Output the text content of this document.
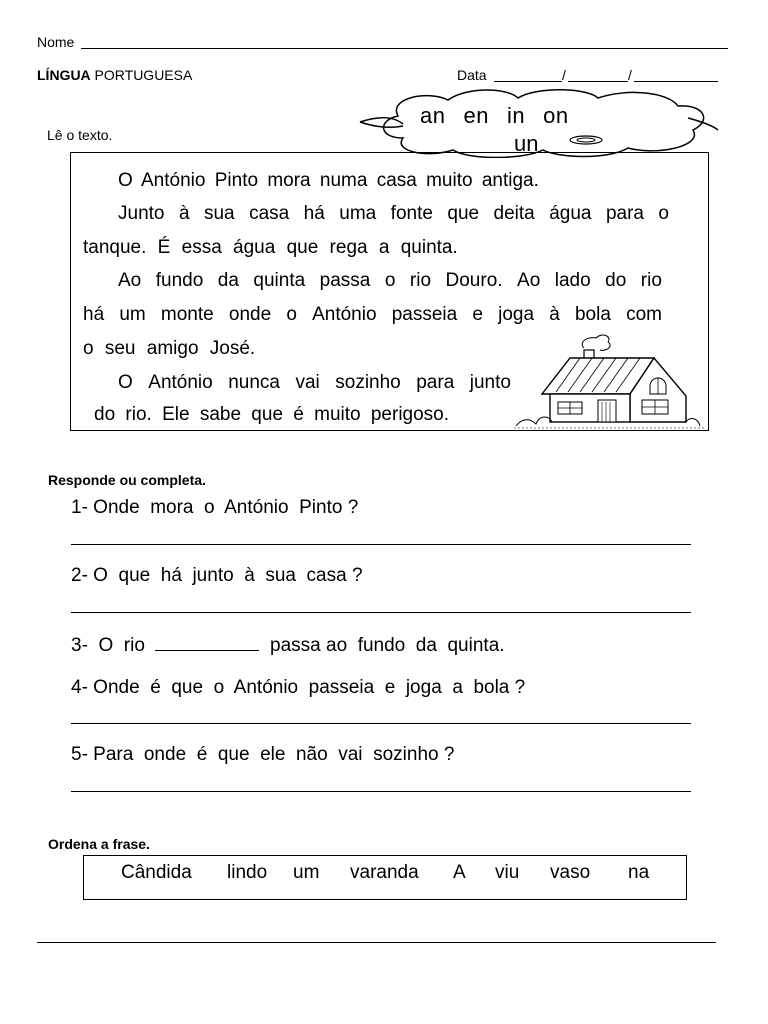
Nome
LÍNGUA PORTUGUESA	Data	/	/
an en in on
un
Lê o texto.
O António Pinto mora numa casa muito antiga.
Junto à sua casa há uma fonte que deita água para o
tanque. É essa água que rega a quinta.
Ao fundo da quinta passa o rio Douro. Ao lado do rio
há um monte onde o António passeia e joga à bola com
o seu amigo José.
O António nunca vai sozinho para junto
do rio. Ele sabe que é muito perigoso.
Responde ou completa.
1- Onde  mora  o  António  Pinto ?
2- O  que  há  junto  à  sua  casa ?
3-  O  rio	passa ao  fundo  da  quinta.
4- Onde  é  que  o  António  passeia  e  joga  a  bola ?
5- Para  onde  é  que  ele  não  vai  sozinho ?
Ordena a frase.
Cândida lindo um varanda A viu vaso na
